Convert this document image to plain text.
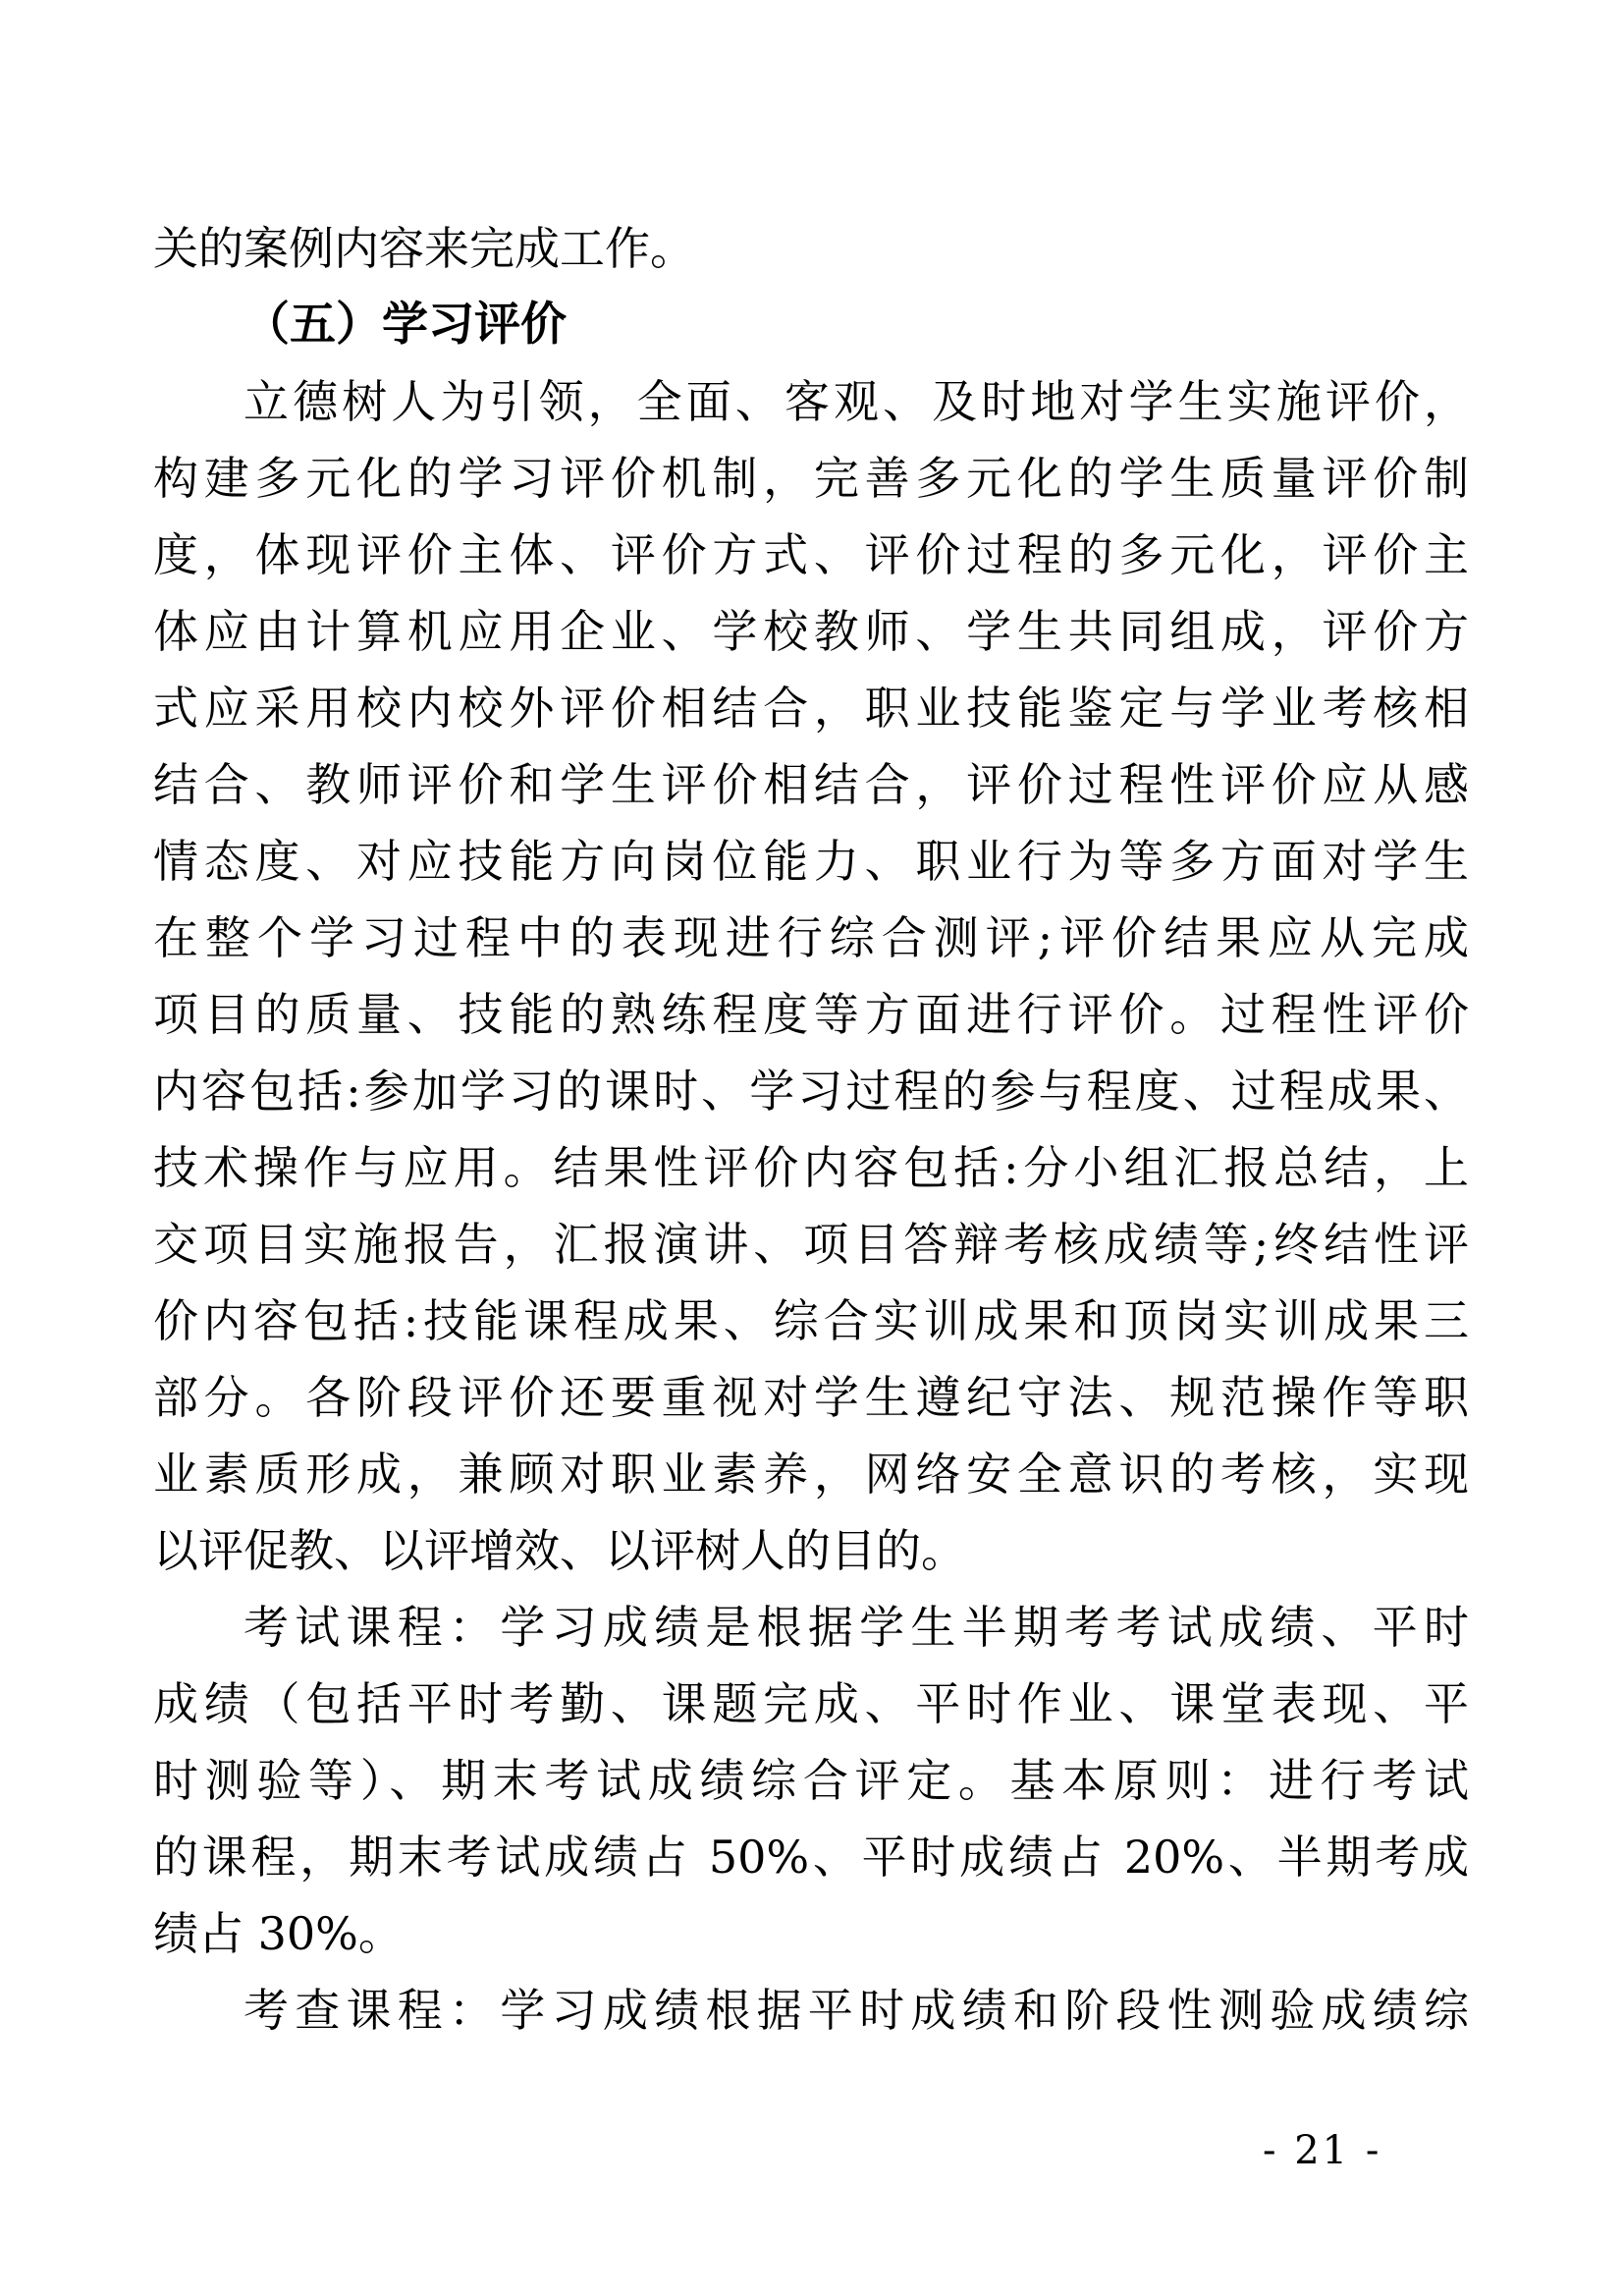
关的案例内容来完成工作。
（五）学习评价
立德树人为引领，全面、客观、及时地对学生实施评价，
构建多元化的学习评价机制，完善多元化的学生质量评价制
度，体现评价主体、评价方式、评价过程的多元化，评价主
体应由计算机应用企业、学校教师、学生共同组成，评价方
式应采用校内校外评价相结合，职业技能鉴定与学业考核相
结合、教师评价和学生评价相结合，评价过程性评价应从感
情态度、对应技能方向岗位能力、职业行为等多方面对学生
在整个学习过程中的表现进行综合测评;评价结果应从完成
项目的质量、技能的熟练程度等方面进行评价。过程性评价
内容包括:参加学习的课时、学习过程的参与程度、过程成果、
技术操作与应用。结果性评价内容包括:分小组汇报总结，上
交项目实施报告，汇报演讲、项目答辩考核成绩等;终结性评
价内容包括:技能课程成果、综合实训成果和顶岗实训成果三
部分。各阶段评价还要重视对学生遵纪守法、规范操作等职
业素质形成，兼顾对职业素养，网络安全意识的考核，实现
以评促教、以评增效、以评树人的目的。
考试课程：学习成绩是根据学生半期考考试成绩、平时
成绩（包括平时考勤、课题完成、平时作业、课堂表现、平
时测验等）、期末考试成绩综合评定。基本原则：进行考试
的课程，期末考试成绩占 50%、平时成绩占 20%、半期考成
绩占 30%。
考查课程：学习成绩根据平时成绩和阶段性测验成绩综
- 21 -
